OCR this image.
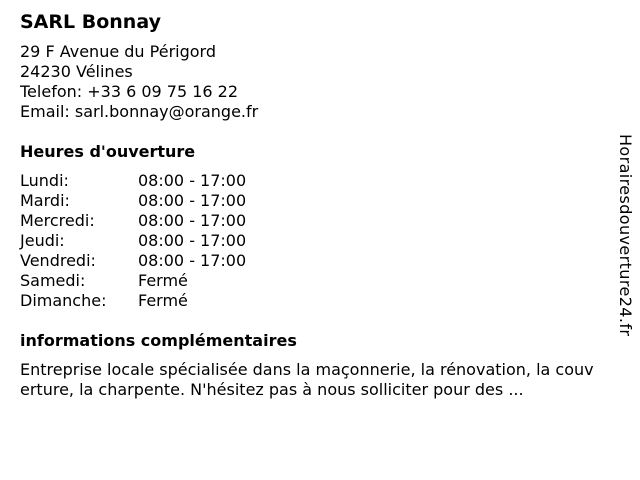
SARL Bonnay
29 F Avenue du Périgord
24230 Vélines
Telefon: +33 6 09 75 16 22
Email: sarl.bonnay@orange.fr
Heures d'ouverture
Lundi:	08:00 - 17:00
Mardi:	08:00 - 17:00
Mercredi:	08:00 - 17:00
Jeudi:	08:00 - 17:00
Vendredi:	08:00 - 17:00
Samedi:	Fermé
Dimanche:	Fermé
informations complémentaires
Entreprise locale spécialisée dans la maçonnerie, la rénovation, la couverture, la charpente. N'hésitez pas à nous solliciter pour des ...
Horairesdouverture24.fr
